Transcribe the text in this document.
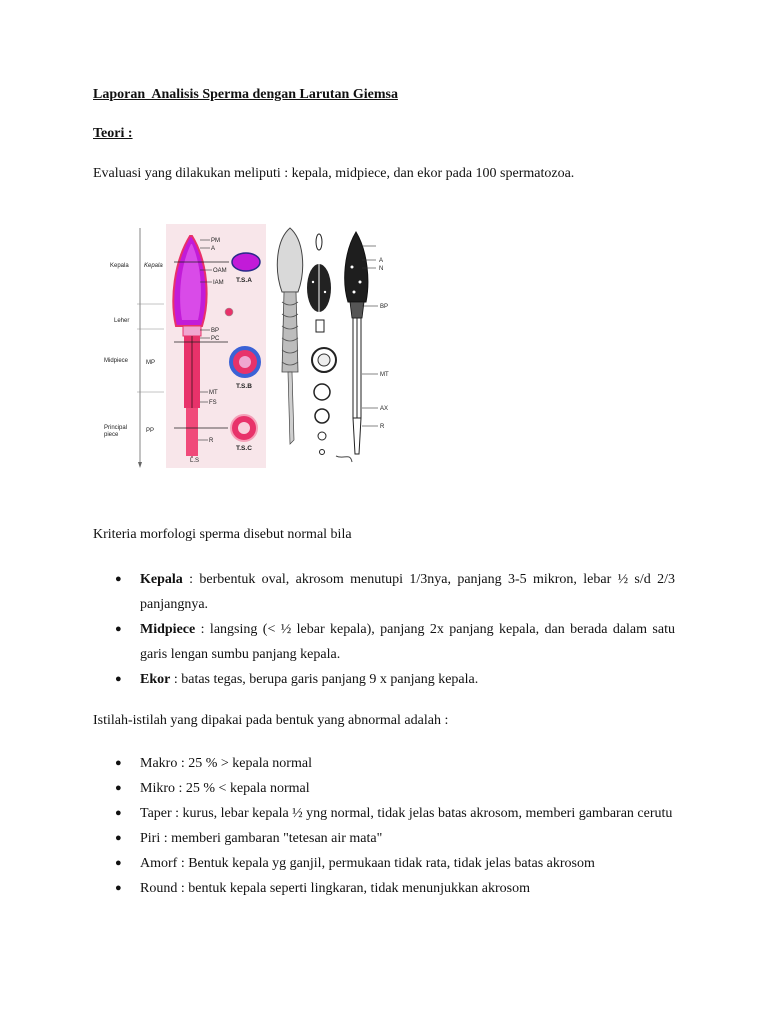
Laporan  Analisis Sperma dengan Larutan Giemsa
Teori :
Evaluasi yang dilakukan meliputi : kepala, midpiece, dan ekor pada 100 spermatozoa.
Kepala
Leher
Midpiece
Principal piece
Kepala
MP
PP
L.S
PM
A
OAM
IAM
BP
PC
MT
FS
R
T.S.A
T.S.B
T.S.C
A
N
BP
MT
AX
R
Kriteria morfologi sperma disebut normal bila
● Kepala : berbentuk oval, akrosom menutupi 1/3nya, panjang 3-5 mikron, lebar ½ s/d 2/3 panjangnya.
● Midpiece : langsing (< ½ lebar kepala), panjang 2x panjang kepala, dan berada dalam satu garis lengan sumbu panjang kepala.
● Ekor : batas tegas, berupa garis panjang 9 x panjang kepala.
Istilah-istilah yang dipakai pada bentuk yang abnormal adalah :
● Makro : 25 % > kepala normal
● Mikro : 25 % < kepala normal
● Taper : kurus, lebar kepala ½ yng normal, tidak jelas batas akrosom, memberi gambaran cerutu
● Piri : memberi gambaran "tetesan air mata"
● Amorf : Bentuk kepala yg ganjil, permukaan tidak rata, tidak jelas batas akrosom
● Round : bentuk kepala seperti lingkaran, tidak menunjukkan akrosom
